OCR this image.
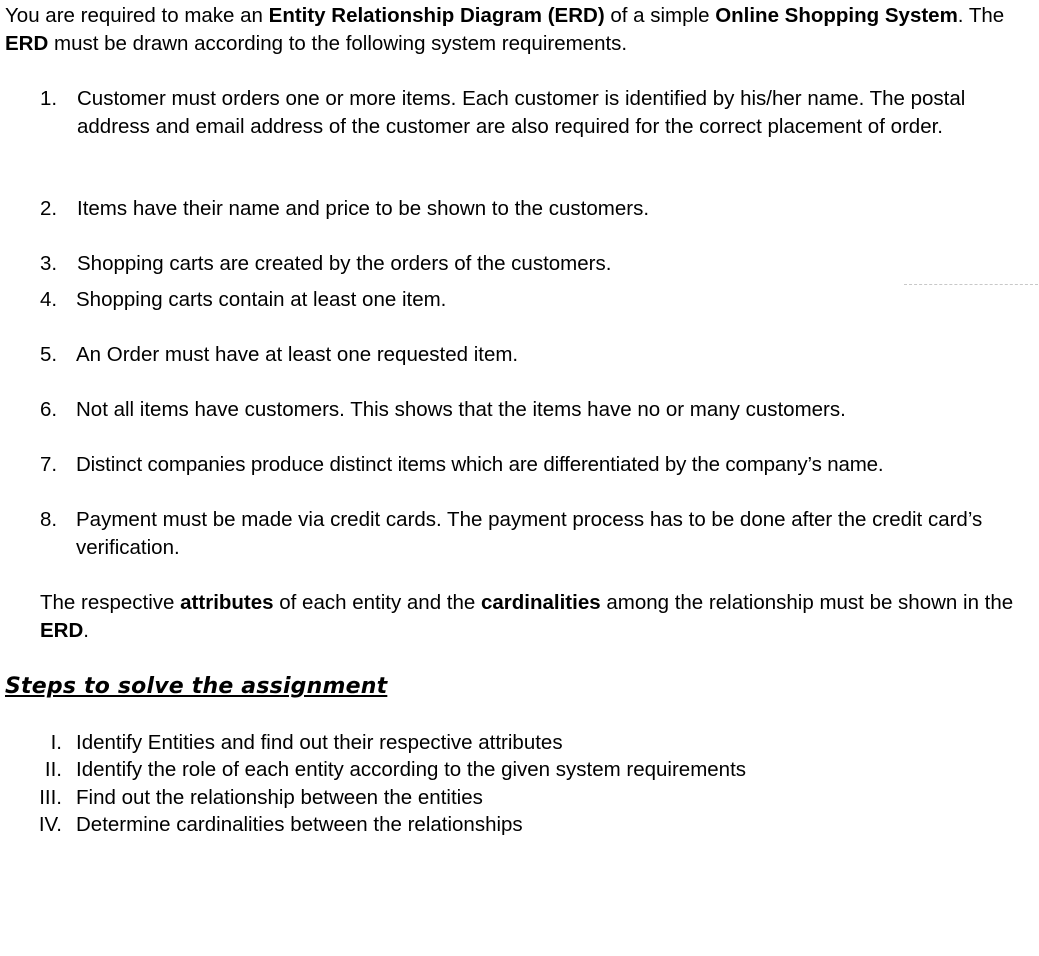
You are required to make an Entity Relationship Diagram (ERD) of a simple Online Shopping System. The ERD must be drawn according to the following system requirements.

1. Customer must orders one or more items. Each customer is identified by his/her name. The postal address and email address of the customer are also required for the correct placement of order.
2. Items have their name and price to be shown to the customers.
3. Shopping carts are created by the orders of the customers.
4. Shopping carts contain at least one item.
5. An Order must have at least one requested item.
6. Not all items have customers. This shows that the items have no or many customers.
7. Distinct companies produce distinct items which are differentiated by the company’s name.
8. Payment must be made via credit cards. The payment process has to be done after the credit card’s verification.

The respective attributes of each entity and the cardinalities among the relationship must be shown in the ERD.

Steps to solve the assignment

I. Identify Entities and find out their respective attributes
II. Identify the role of each entity according to the given system requirements
III. Find out the relationship between the entities
IV. Determine cardinalities between the relationships
